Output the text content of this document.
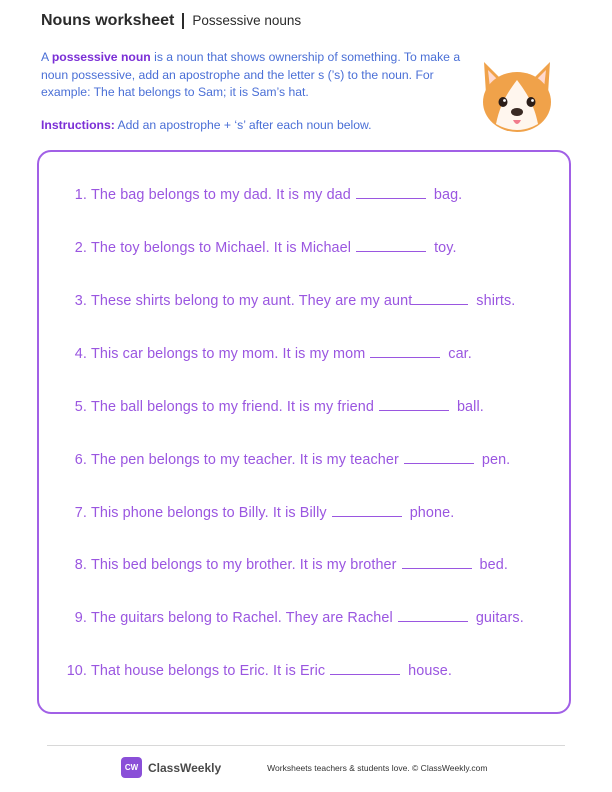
Nouns worksheet Possessive nouns
A possessive noun is a noun that shows ownership of something. To make a noun possessive, add an apostrophe and the letter s (’s) to the noun. For example: The hat belongs to Sam; it is Sam’s hat.
Instructions: Add an apostrophe + ‘s’ after each noun below.
1. The bag belongs to my dad. It is my dad	bag.
2. The toy belongs to Michael. It is Michael	toy.
3. These shirts belong to my aunt. They are my aunt	shirts.
4. This car belongs to my mom. It is my mom	car.
5. The ball belongs to my friend. It is my friend	ball.
6. The pen belongs to my teacher. It is my teacher	pen.
7. This phone belongs to Billy. It is Billy	phone.
8. This bed belongs to my brother. It is my brother	bed.
9. The guitars belong to Rachel. They are Rachel	guitars.
10. That house belongs to Eric. It is Eric	house.
CW ClassWeekly	Worksheets teachers & students love. © ClassWeekly.com
